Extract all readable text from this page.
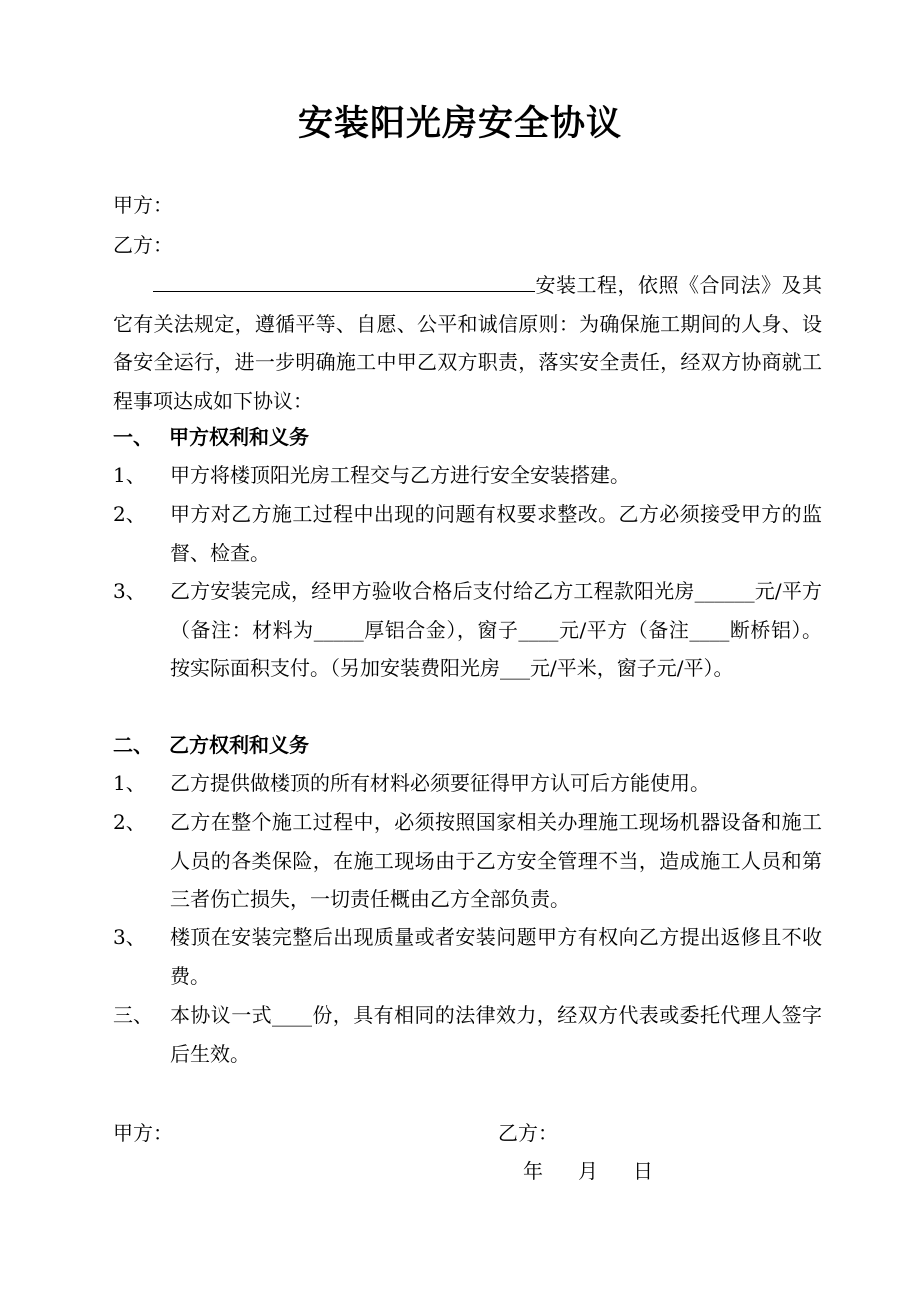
安装阳光房安全协议
甲方：
乙方：
安装工程，依照《合同法》及其它有关法规定，遵循平等、自愿、公平和诚信原则：为确保施工期间的人身、设备安全运行，进一步明确施工中甲乙双方职责，落实安全责任，经双方协商就工程事项达成如下协议：
一、 甲方权利和义务
1、 甲方将楼顶阳光房工程交与乙方进行安全安装搭建。
2、 甲方对乙方施工过程中出现的问题有权要求整改。乙方必须接受甲方的监督、检查。
3、 乙方安装完成，经甲方验收合格后支付给乙方工程款阳光房______元/平方（备注：材料为_____厚铝合金），窗子____元/平方（备注____断桥铝）。按实际面积支付。（另加安装费阳光房___元/平米，窗子元/平）。
二、 乙方权利和义务
1、 乙方提供做楼顶的所有材料必须要征得甲方认可后方能使用。
2、 乙方在整个施工过程中，必须按照国家相关办理施工现场机器设备和施工人员的各类保险，在施工现场由于乙方安全管理不当，造成施工人员和第三者伤亡损失，一切责任概由乙方全部负责。
3、 楼顶在安装完整后出现质量或者安装问题甲方有权向乙方提出返修且不收费。
三、 本协议一式____份，具有相同的法律效力，经双方代表或委托代理人签字后生效。
甲方：	乙方：
年 月 日
